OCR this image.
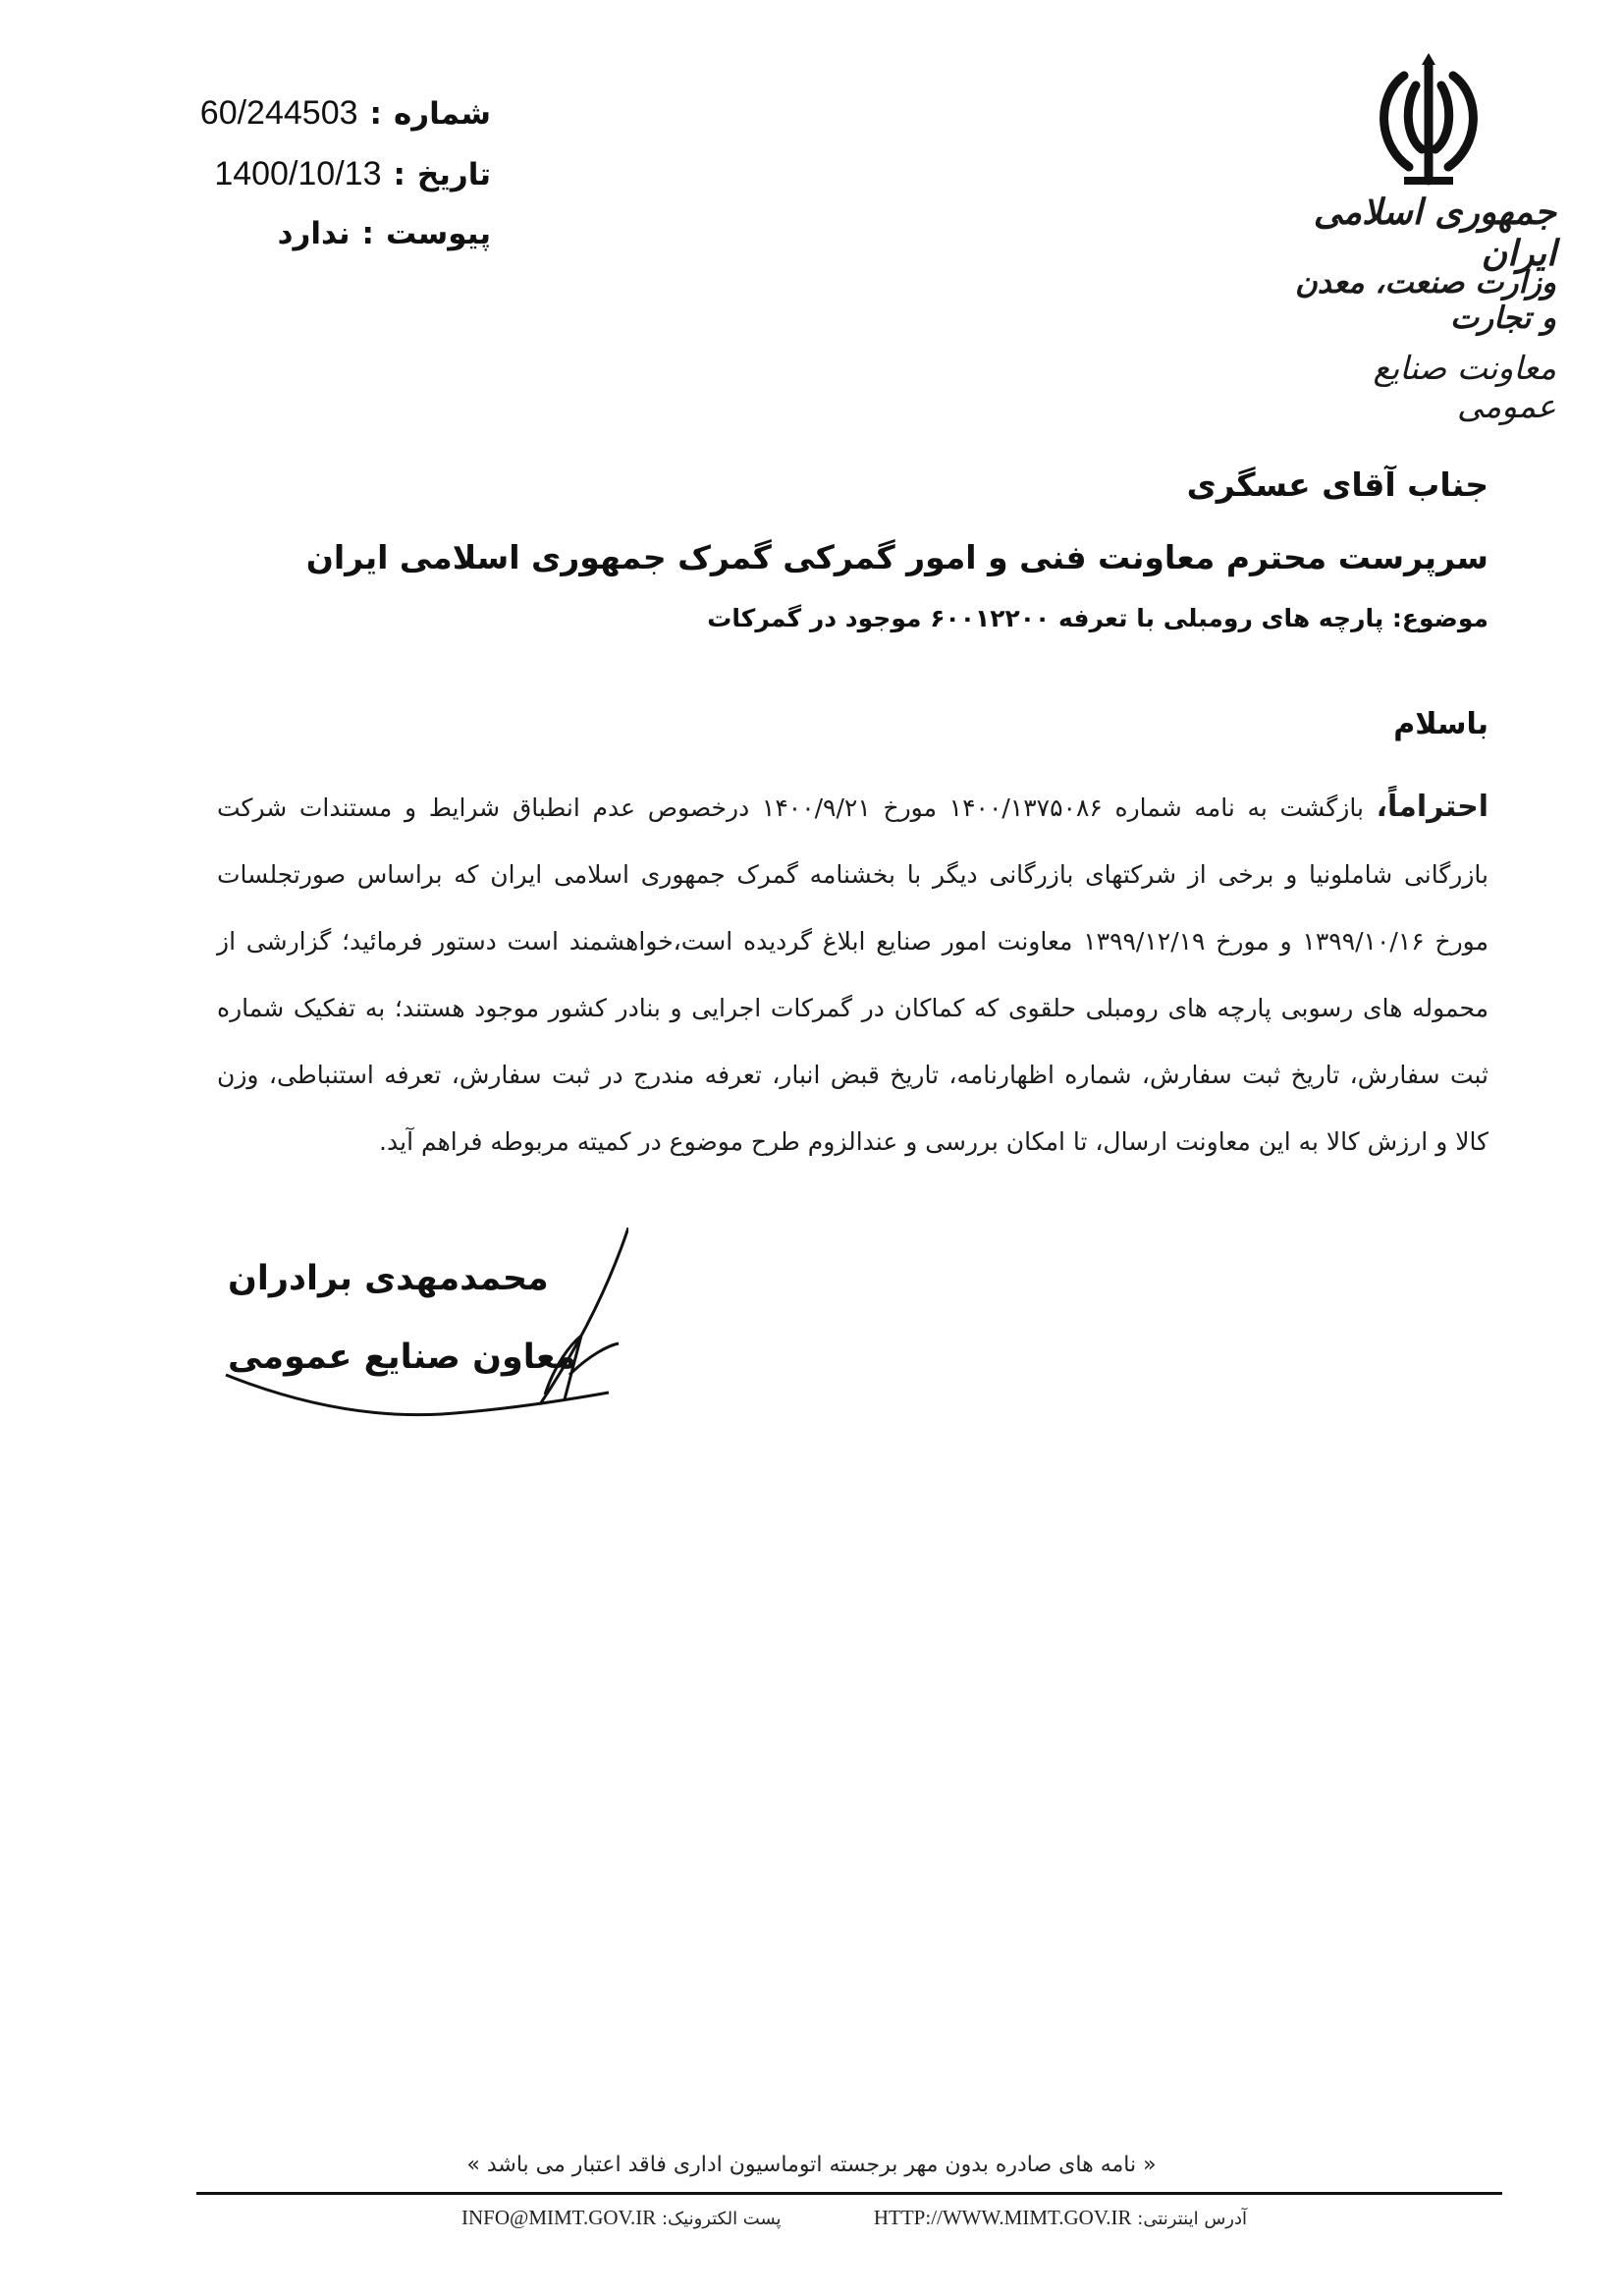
60/244503 : شماره
1400/10/13 : تاریخ
ندارد : پیوست
جمهوری اسلامی ایران
وزارت صنعت، معدن و تجارت
معاونت صنایع عمومی
جناب آقای عسگری
سرپرست محترم معاونت فنی و امور گمرکی گمرک جمهوری اسلامی ایران
موضوع: پارچه های رومبلی با تعرفه ۶۰۰۱۲۲۰۰ موجود در گمرکات
باسلام
احتراماً، بازگشت به نامه شماره ۱۴۰۰/۱۳۷۵۰۸۶ مورخ ۱۴۰۰/۹/۲۱ درخصوص عدم انطباق شرایط و مستندات شرکت بازرگانی شاملونیا و برخی از شرکتهای بازرگانی دیگر با بخشنامه گمرک جمهوری اسلامی ایران که براساس صورتجلسات مورخ ۱۳۹۹/۱۰/۱۶ و مورخ ۱۳۹۹/۱۲/۱۹ معاونت امور صنایع ابلاغ گردیده است،خواهشمند است دستور فرمائید؛ گزارشی از محموله های رسوبی پارچه های رومبلی حلقوی که کماکان در گمرکات اجرایی و بنادر کشور موجود هستند؛ به تفکیک شماره ثبت سفارش، تاریخ ثبت سفارش، شماره اظهارنامه، تاریخ قبض انبار، تعرفه مندرج در ثبت سفارش، تعرفه استنباطی، وزن کالا و ارزش کالا به این معاونت ارسال، تا امکان بررسی و عندالزوم طرح موضوع در کمیته مربوطه فراهم آید.
محمدمهدی برادران
معاون صنایع عمومی
« نامه های صادره بدون مهر برجسته اتوماسیون اداری فاقد اعتبار می باشد »
آدرس اینترنتی: HTTP://WWW.MIMT.GOV.IR
پست الکترونیک: INFO@MIMT.GOV.IR
